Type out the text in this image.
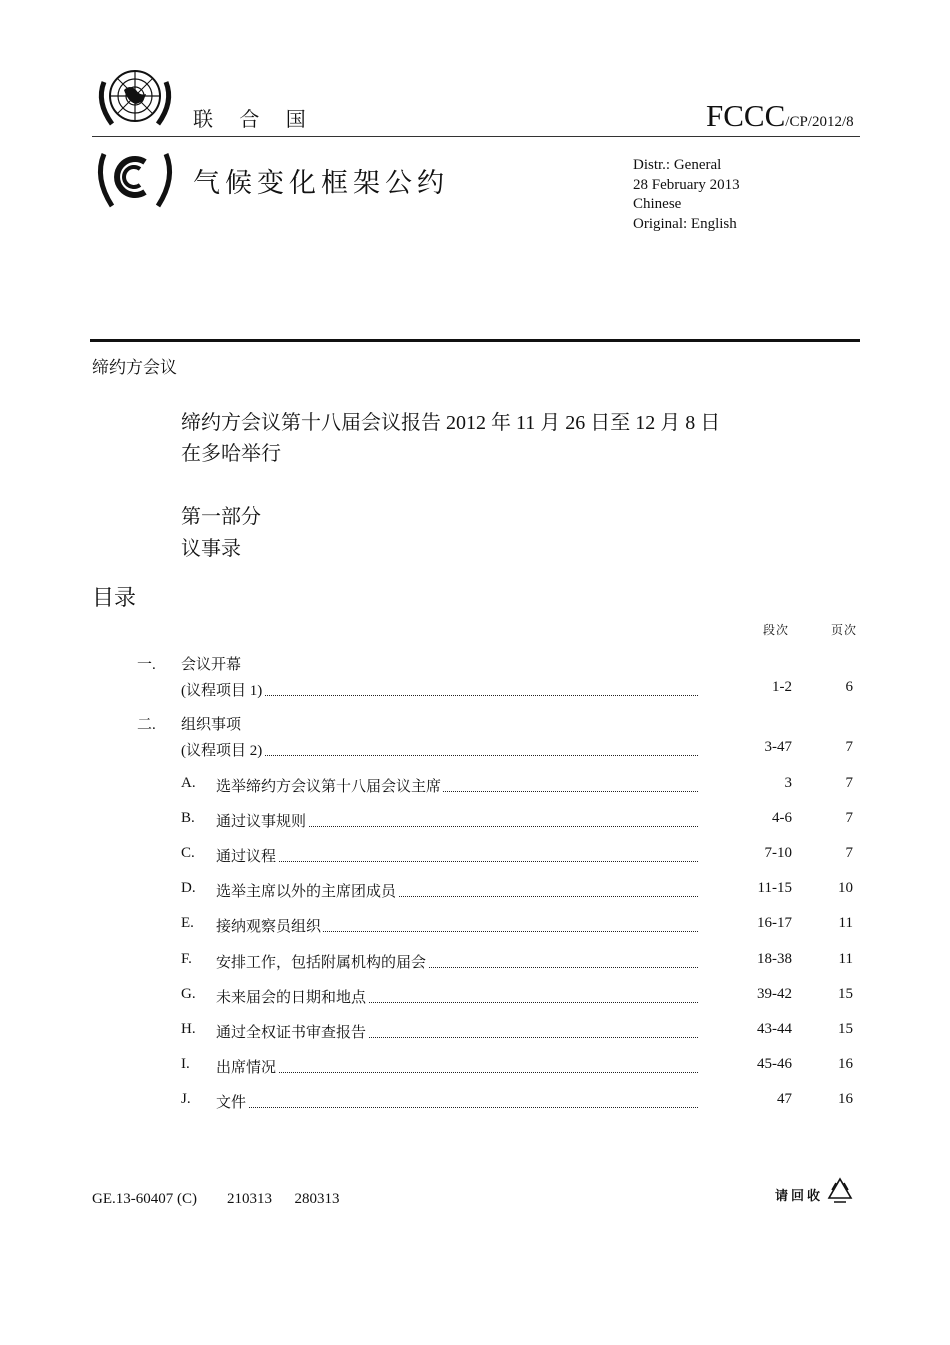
联 合 国	FCCC/CP/2012/8
气候变化框架公约
Distr.: General
28 February 2013
Chinese
Original: English
缔约方会议
缔约方会议第十八届会议报告 2012 年 11 月 26 日至 12 月 8 日
在多哈举行
第一部分
议事录
目录
段次	页次
一. 会议开幕
(议程项目 1)	1-2	6
二. 组织事项
(议程项目 2)	3-47	7
A. 选举缔约方会议第十八届会议主席	3	7
B. 通过议事规则	4-6	7
C. 通过议程	7-10	7
D. 选举主席以外的主席团成员	11-15	10
E. 接纳观察员组织	16-17	11
F. 安排工作，包括附属机构的届会	18-38	11
G. 未来届会的日期和地点	39-42	15
H. 通过全权证书审查报告	43-44	15
I. 出席情况	45-46	16
J. 文件	47	16
GE.13-60407 (C) 210313 280313	请回收
